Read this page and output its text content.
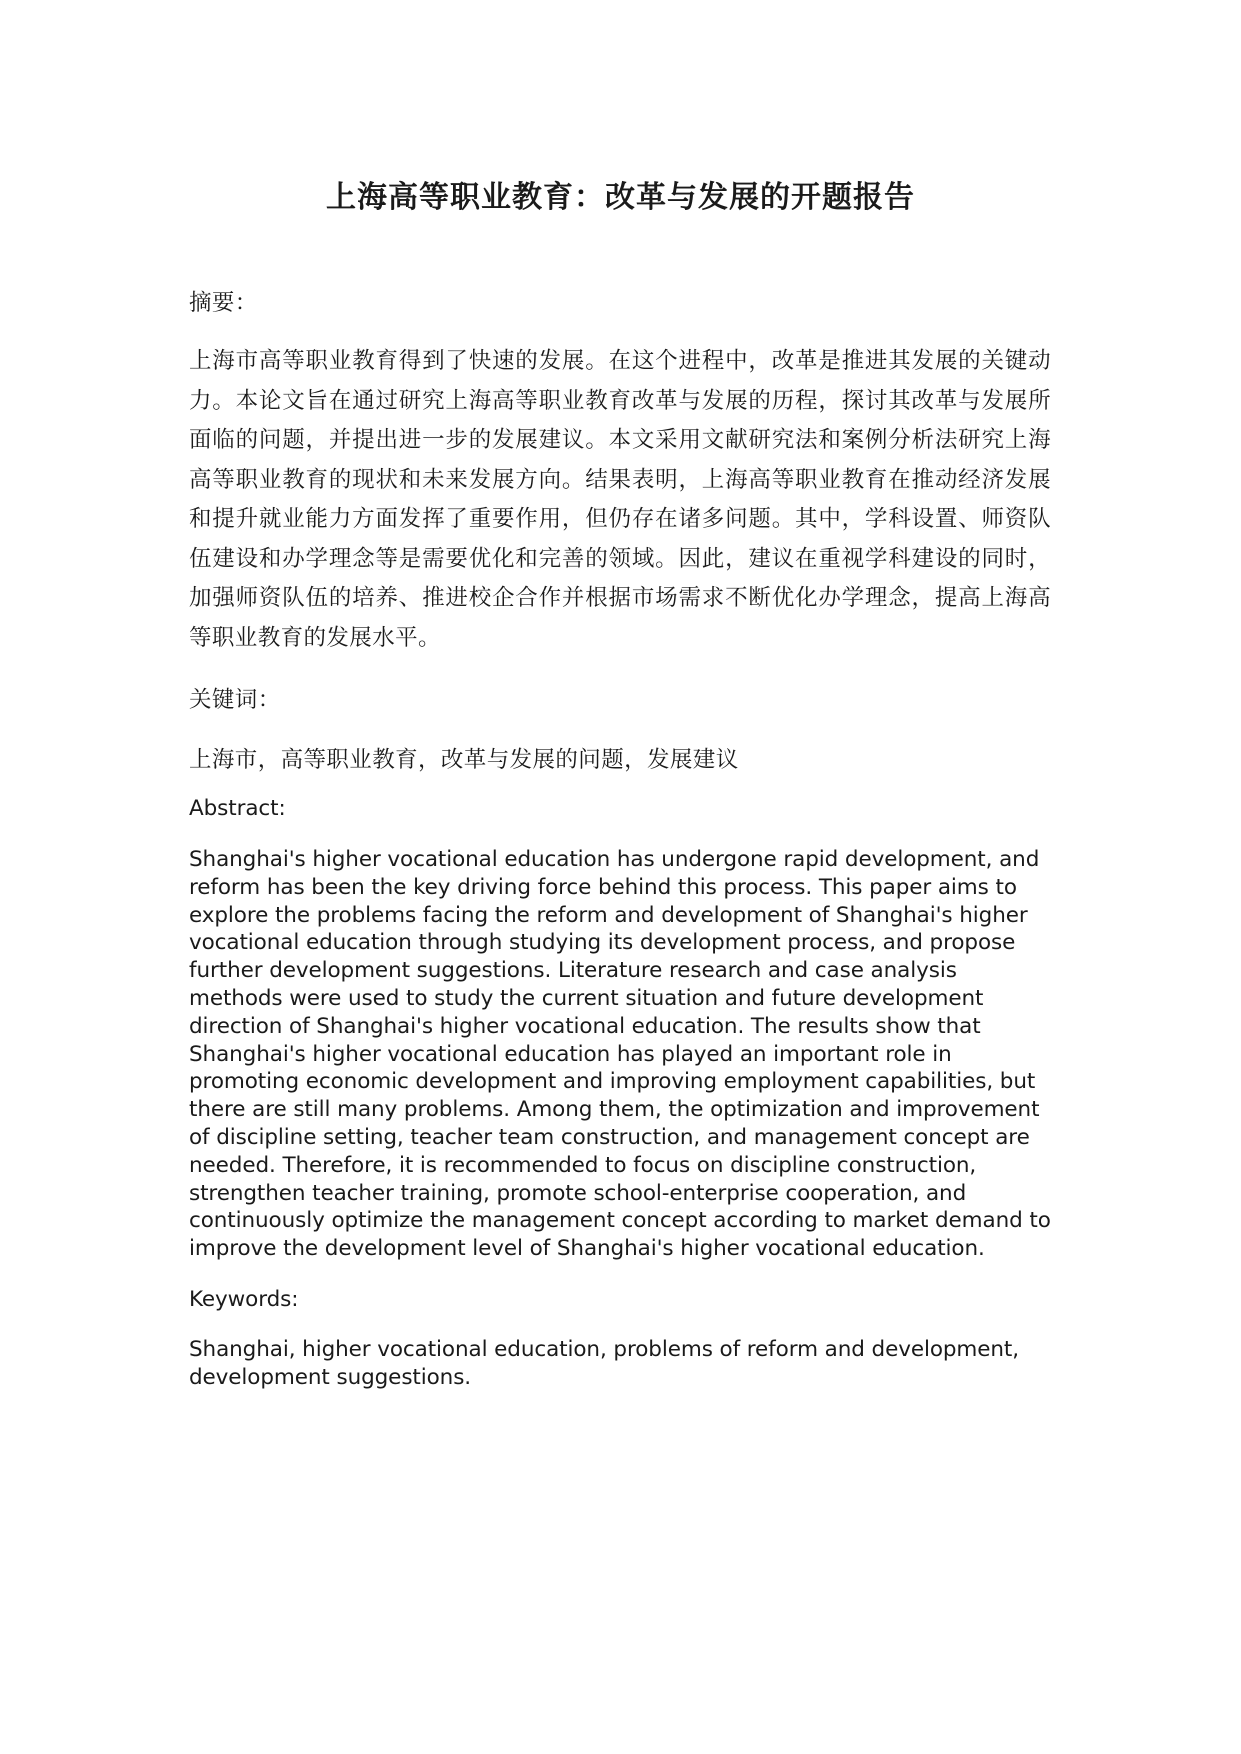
上海高等职业教育：改革与发展的开题报告

摘要：

上海市高等职业教育得到了快速的发展。在这个进程中，改革是推进其发展的关键动力。本论文旨在通过研究上海高等职业教育改革与发展的历程，探讨其改革与发展所面临的问题，并提出进一步的发展建议。本文采用文献研究法和案例分析法研究上海高等职业教育的现状和未来发展方向。结果表明，上海高等职业教育在推动经济发展和提升就业能力方面发挥了重要作用，但仍存在诸多问题。其中，学科设置、师资队伍建设和办学理念等是需要优化和完善的领域。因此，建议在重视学科建设的同时，加强师资队伍的培养、推进校企合作并根据市场需求不断优化办学理念，提高上海高等职业教育的发展水平。

关键词：

上海市，高等职业教育，改革与发展的问题，发展建议

Abstract:

Shanghai's higher vocational education has undergone rapid development, and reform has been the key driving force behind this process. This paper aims to explore the problems facing the reform and development of Shanghai's higher vocational education through studying its development process, and propose further development suggestions. Literature research and case analysis methods were used to study the current situation and future development direction of Shanghai's higher vocational education. The results show that Shanghai's higher vocational education has played an important role in promoting economic development and improving employment capabilities, but there are still many problems. Among them, the optimization and improvement of discipline setting, teacher team construction, and management concept are needed. Therefore, it is recommended to focus on discipline construction, strengthen teacher training, promote school-enterprise cooperation, and continuously optimize the management concept according to market demand to improve the development level of Shanghai's higher vocational education.

Keywords:

Shanghai, higher vocational education, problems of reform and development, development suggestions.
